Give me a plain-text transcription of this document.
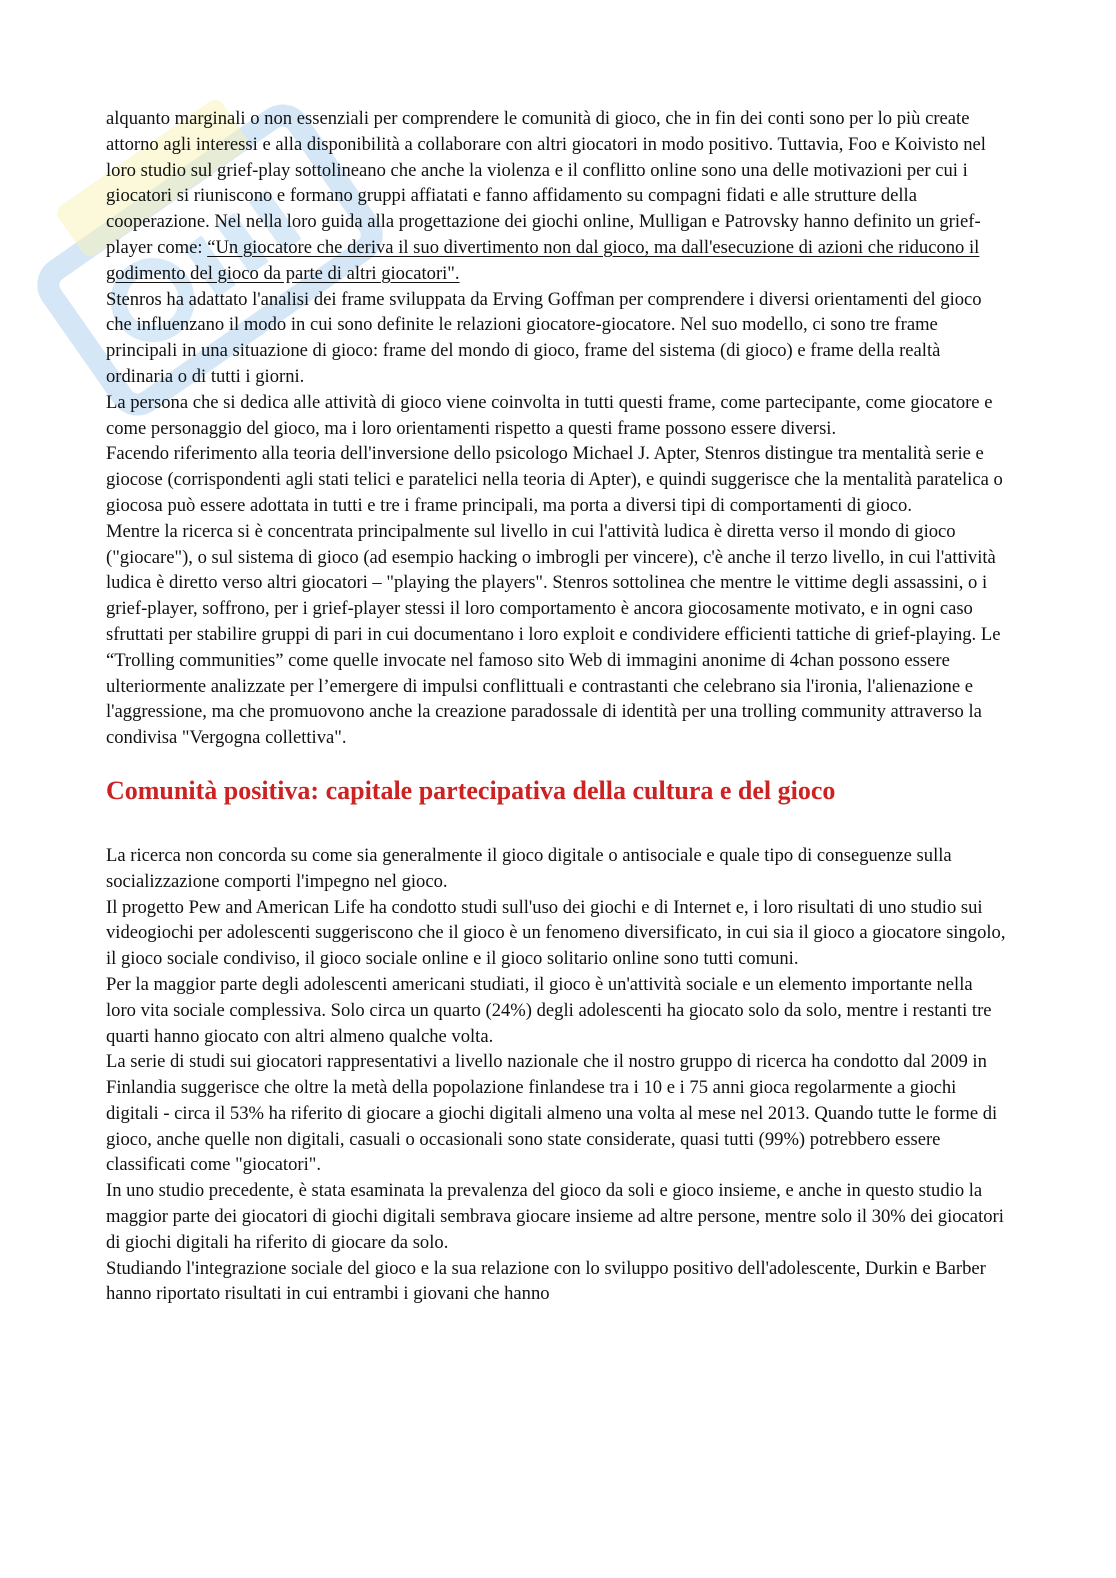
alquanto marginali o non essenziali per comprendere le comunità di gioco, che in fin dei conti sono per lo più create attorno agli interessi e alla disponibilità a collaborare con altri giocatori in modo positivo. Tuttavia, Foo e Koivisto nel loro studio sul grief-play sottolineano che anche la violenza e il conflitto online sono una delle motivazioni per cui i giocatori si riuniscono e formano gruppi affiatati e fanno affidamento su compagni fidati e alle strutture della cooperazione. Nel nella loro guida alla progettazione dei giochi online, Mulligan e Patrovsky hanno definito un grief-player come: “Un giocatore che deriva il suo divertimento non dal gioco, ma dall'esecuzione di azioni che riducono il godimento del gioco da parte di altri giocatori".

Stenros ha adattato l'analisi dei frame sviluppata da Erving Goffman per comprendere i diversi orientamenti del gioco che influenzano il modo in cui sono definite le relazioni giocatore-giocatore. Nel suo modello, ci sono tre frame principali in una situazione di gioco: frame del mondo di gioco, frame del sistema (di gioco) e frame della realtà ordinaria o di tutti i giorni.

La persona che si dedica alle attività di gioco viene coinvolta in tutti questi frame, come partecipante, come giocatore e come personaggio del gioco, ma i loro orientamenti rispetto a questi frame possono essere diversi.

Facendo riferimento alla teoria dell'inversione dello psicologo Michael J. Apter, Stenros distingue tra mentalità serie e giocose (corrispondenti agli stati telici e paratelici nella teoria di Apter), e quindi suggerisce che la mentalità paratelica o giocosa può essere adottata in tutti e tre i frame principali, ma porta a diversi tipi di comportamenti di gioco.

Mentre la ricerca si è concentrata principalmente sul livello in cui l'attività ludica è diretta verso il mondo di gioco ("giocare"), o sul sistema di gioco (ad esempio hacking o imbrogli per vincere), c'è anche il terzo livello, in cui l'attività ludica è diretto verso altri giocatori – "playing the players". Stenros sottolinea che mentre le vittime degli assassini, o i grief-player, soffrono, per i grief-player stessi il loro comportamento è ancora giocosamente motivato, e in ogni caso sfruttati per stabilire gruppi di pari in cui documentano i loro exploit e condividere efficienti tattiche di grief-playing. Le “Trolling communities” come quelle invocate nel famoso sito Web di immagini anonime di 4chan possono essere ulteriormente analizzate per l’emergere di impulsi conflittuali e contrastanti che celebrano sia l'ironia, l'alienazione e l'aggressione, ma che promuovono anche la creazione paradossale di identità per una trolling community attraverso la condivisa "Vergogna collettiva".

Comunità positiva: capitale partecipativa della cultura e del gioco

La ricerca non concorda su come sia generalmente il gioco digitale o antisociale e quale tipo di conseguenze sulla socializzazione comporti l'impegno nel gioco.

Il progetto Pew and American Life ha condotto studi sull'uso dei giochi e di Internet e, i loro risultati di uno studio sui videogiochi per adolescenti suggeriscono che il gioco è un fenomeno diversificato, in cui sia il gioco a giocatore singolo, il gioco sociale condiviso, il gioco sociale online e il gioco solitario online sono tutti comuni.

Per la maggior parte degli adolescenti americani studiati, il gioco è un'attività sociale e un elemento importante nella loro vita sociale complessiva. Solo circa un quarto (24%) degli adolescenti ha giocato solo da solo, mentre i restanti tre quarti hanno giocato con altri almeno qualche volta.

La serie di studi sui giocatori rappresentativi a livello nazionale che il nostro gruppo di ricerca ha condotto dal 2009 in Finlandia suggerisce che oltre la metà della popolazione finlandese tra i 10 e i 75 anni gioca regolarmente a giochi digitali - circa il 53% ha riferito di giocare a giochi digitali almeno una volta al mese nel 2013. Quando tutte le forme di gioco, anche quelle non digitali, casuali o occasionali sono state considerate, quasi tutti (99%) potrebbero essere classificati come "giocatori".

In uno studio precedente, è stata esaminata la prevalenza del gioco da soli e gioco insieme, e anche in questo studio la maggior parte dei giocatori di giochi digitali sembrava giocare insieme ad altre persone, mentre solo il 30% dei giocatori di giochi digitali ha riferito di giocare da solo.

Studiando l'integrazione sociale del gioco e la sua relazione con lo sviluppo positivo dell'adolescente, Durkin e Barber hanno riportato risultati in cui entrambi i giovani che hanno
